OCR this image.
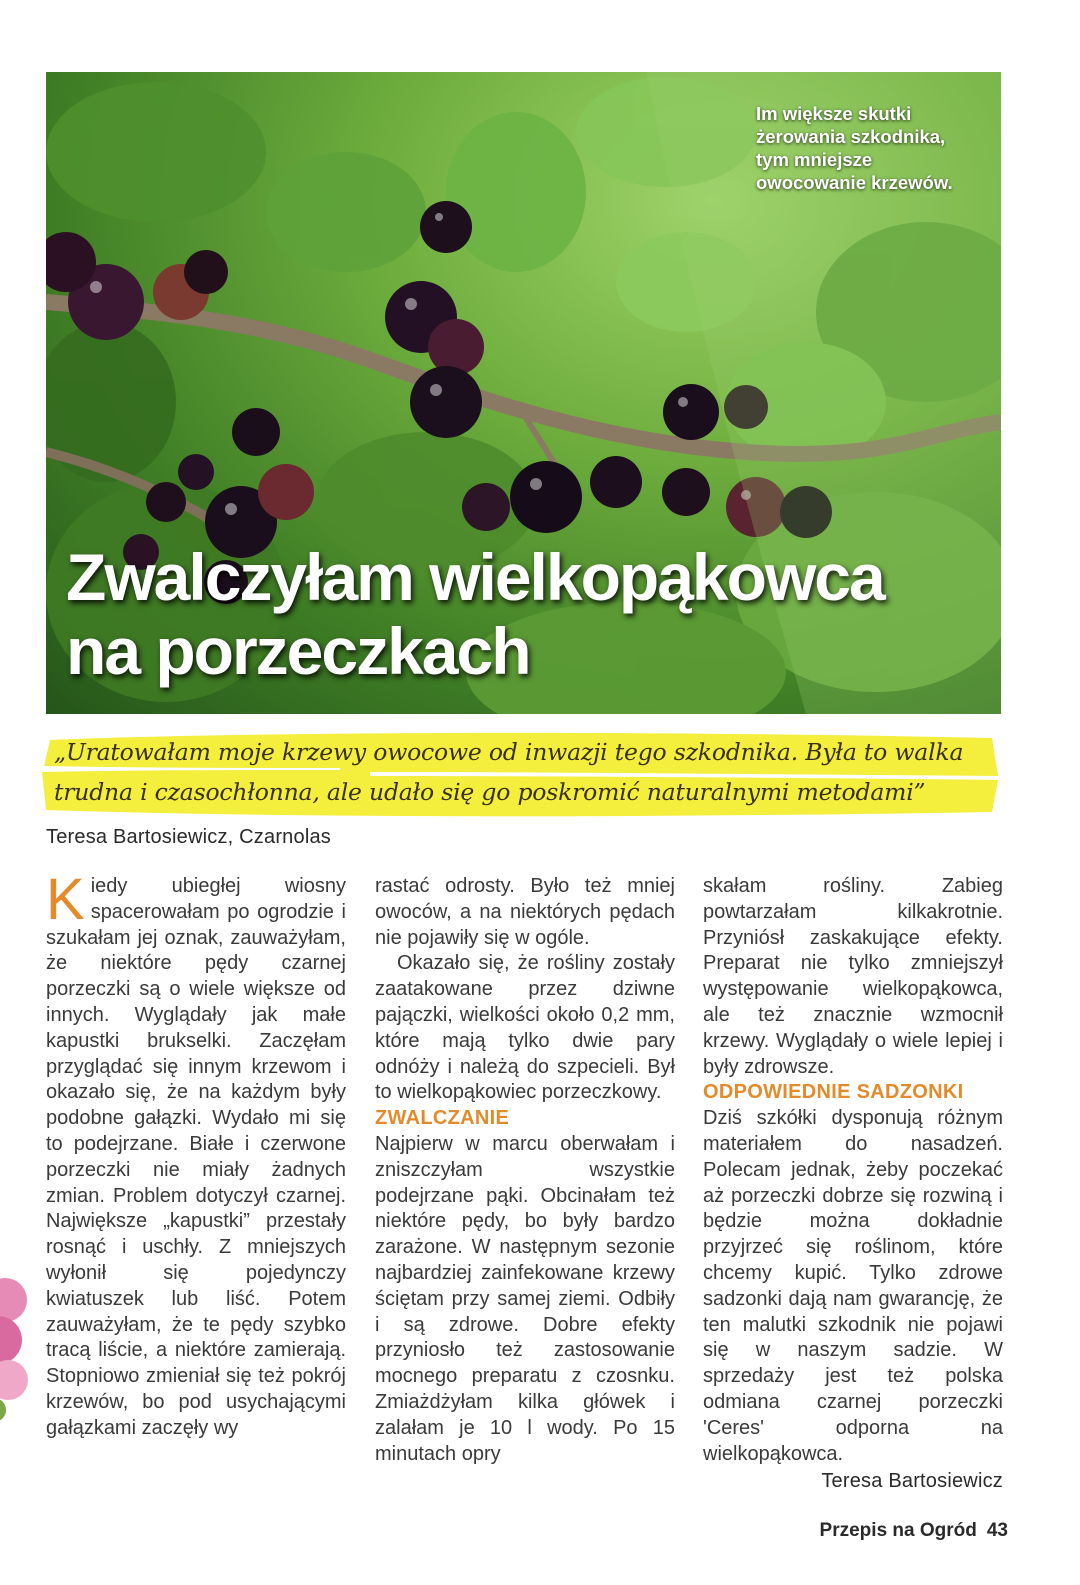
Im większe skutki żerowania szkodnika, tym mniejsze owocowanie krzewów.
Zwalczyłam wielkopąkowca
na porzeczkach
„Uratowałam moje krzewy owocowe od inwazji tego szkodnika. Była to walka trudna i czasochłonna, ale udało się go poskromić naturalnymi metodami”
Teresa Bartosiewicz, Czarnolas

Kiedy ubiegłej wiosny spacerowałam po ogrodzie i szukałam jej oznak, zauważyłam, że niektóre pędy czarnej porzeczki są o wiele większe od innych. Wyglądały jak małe kapustki brukselki. Zaczęłam przyglądać się innym krzewom i okazało się, że na każdym były podobne gałązki. Wydało mi się to podejrzane. Białe i czerwone porzeczki nie miały żadnych zmian. Problem dotyczył czarnej. Największe „kapustki” przestały rosnąć i uschły. Z mniejszych wyłonił się pojedynczy kwiatuszek lub liść. Potem zauważyłam, że te pędy szybko tracą liście, a niektóre zamierają. Stopniowo zmieniał się też pokrój krzewów, bo pod usychającymi gałązkami zaczęły wy

rastać odrosty. Było też mniej owoców, a na niektórych pędach nie pojawiły się w ogóle.

Okazało się, że rośliny zostały zaatakowane przez dziwne pajączki, wielkości około 0,2 mm, które mają tylko dwie pary odnóży i należą do szpecieli. Był to wielkopąkowiec porzeczkowy.

ZWALCZANIE

Najpierw w marcu oberwałam i zniszczyłam wszystkie podejrzane pąki. Obcinałam też niektóre pędy, bo były bardzo zarażone. W następnym sezonie najbardziej zainfekowane krzewy ściętam przy samej ziemi. Odbiły i są zdrowe. Dobre efekty przyniosło też zastosowanie mocnego preparatu z czosnku. Zmiażdżyłam kilka główek i zalałam je 10 l wody. Po 15 minutach opry

skałam rośliny. Zabieg powtarzałam kilkakrotnie. Przyniósł zaskakujące efekty. Preparat nie tylko zmniejszył występowanie wielkopąkowca, ale też znacznie wzmocnił krzewy. Wyglądały o wiele lepiej i były zdrowsze.

ODPOWIEDNIE SADZONKI

Dziś szkółki dysponują różnym materiałem do nasadzeń. Polecam jednak, żeby poczekać aż porzeczki dobrze się rozwiną i będzie można dokładnie przyjrzeć się roślinom, które chcemy kupić. Tylko zdrowe sadzonki dają nam gwarancję, że ten malutki szkodnik nie pojawi się w naszym sadzie. W sprzedaży jest też polska odmiana czarnej porzeczki 'Ceres' odporna na wielkopąkowca.

Teresa Bartosiewicz
Przepis na Ogród 43
